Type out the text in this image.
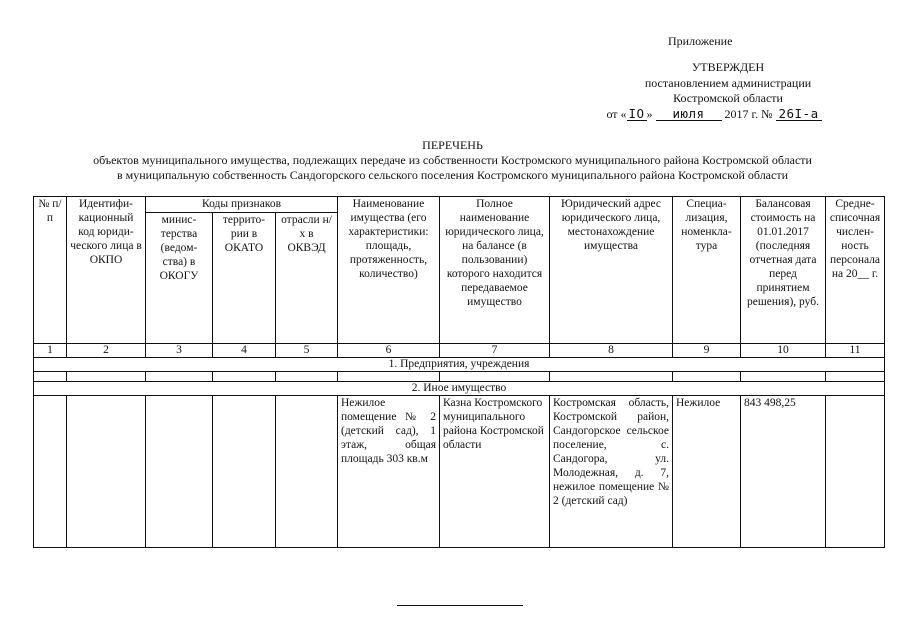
Приложение
УТВЕРЖДЕН
постановлением администрации
Костромской области
от « IO » июля 2017 г. № 26I-а
ПЕРЕЧЕНЬ
объектов муниципального имущества, подлежащих передаче из собственности Костромского муниципального района Костромской области
в муниципальную собственность Сандогорского сельского поселения Костромского муниципального района Костромской области
№ п/п	Идентифи-кационный код юриди-ческого лица в ОКПО	Коды признаков			Наименование имущества (его характеристики: площадь, протяженность, количество)	Полное наименование юридического лица, на балансе (в пользовании) которого находится передаваемое имущество	Юридический адрес юридического лица, местонахождение имущества	Специа-лизация, номенкла-тура	Балансовая стоимость на 01.01.2017 (последняя отчетная дата перед принятием решения), руб.	Средне-списочная числен-ность персонала на 20__ г.
		минис-терства (ведом-ства) в ОКОГУ	террито-рии в ОКАТО	отрасли н/х в ОКВЭД						
1	2	3	4	5	6	7	8	9	10	11
1. Предприятия, учреждения										

2. Иное имущество										
					Нежилое помещение № 2 (детский сад), 1 этаж, общая площадь 303 кв.м	Казна Костромского муниципального района Костромской области	Костромская область, Костромской район, Сандогорское сельское поселение, с. Сандогора, ул. Молодежная, д. 7, нежилое помещение № 2 (детский сад)	Нежилое	843 498,25	
